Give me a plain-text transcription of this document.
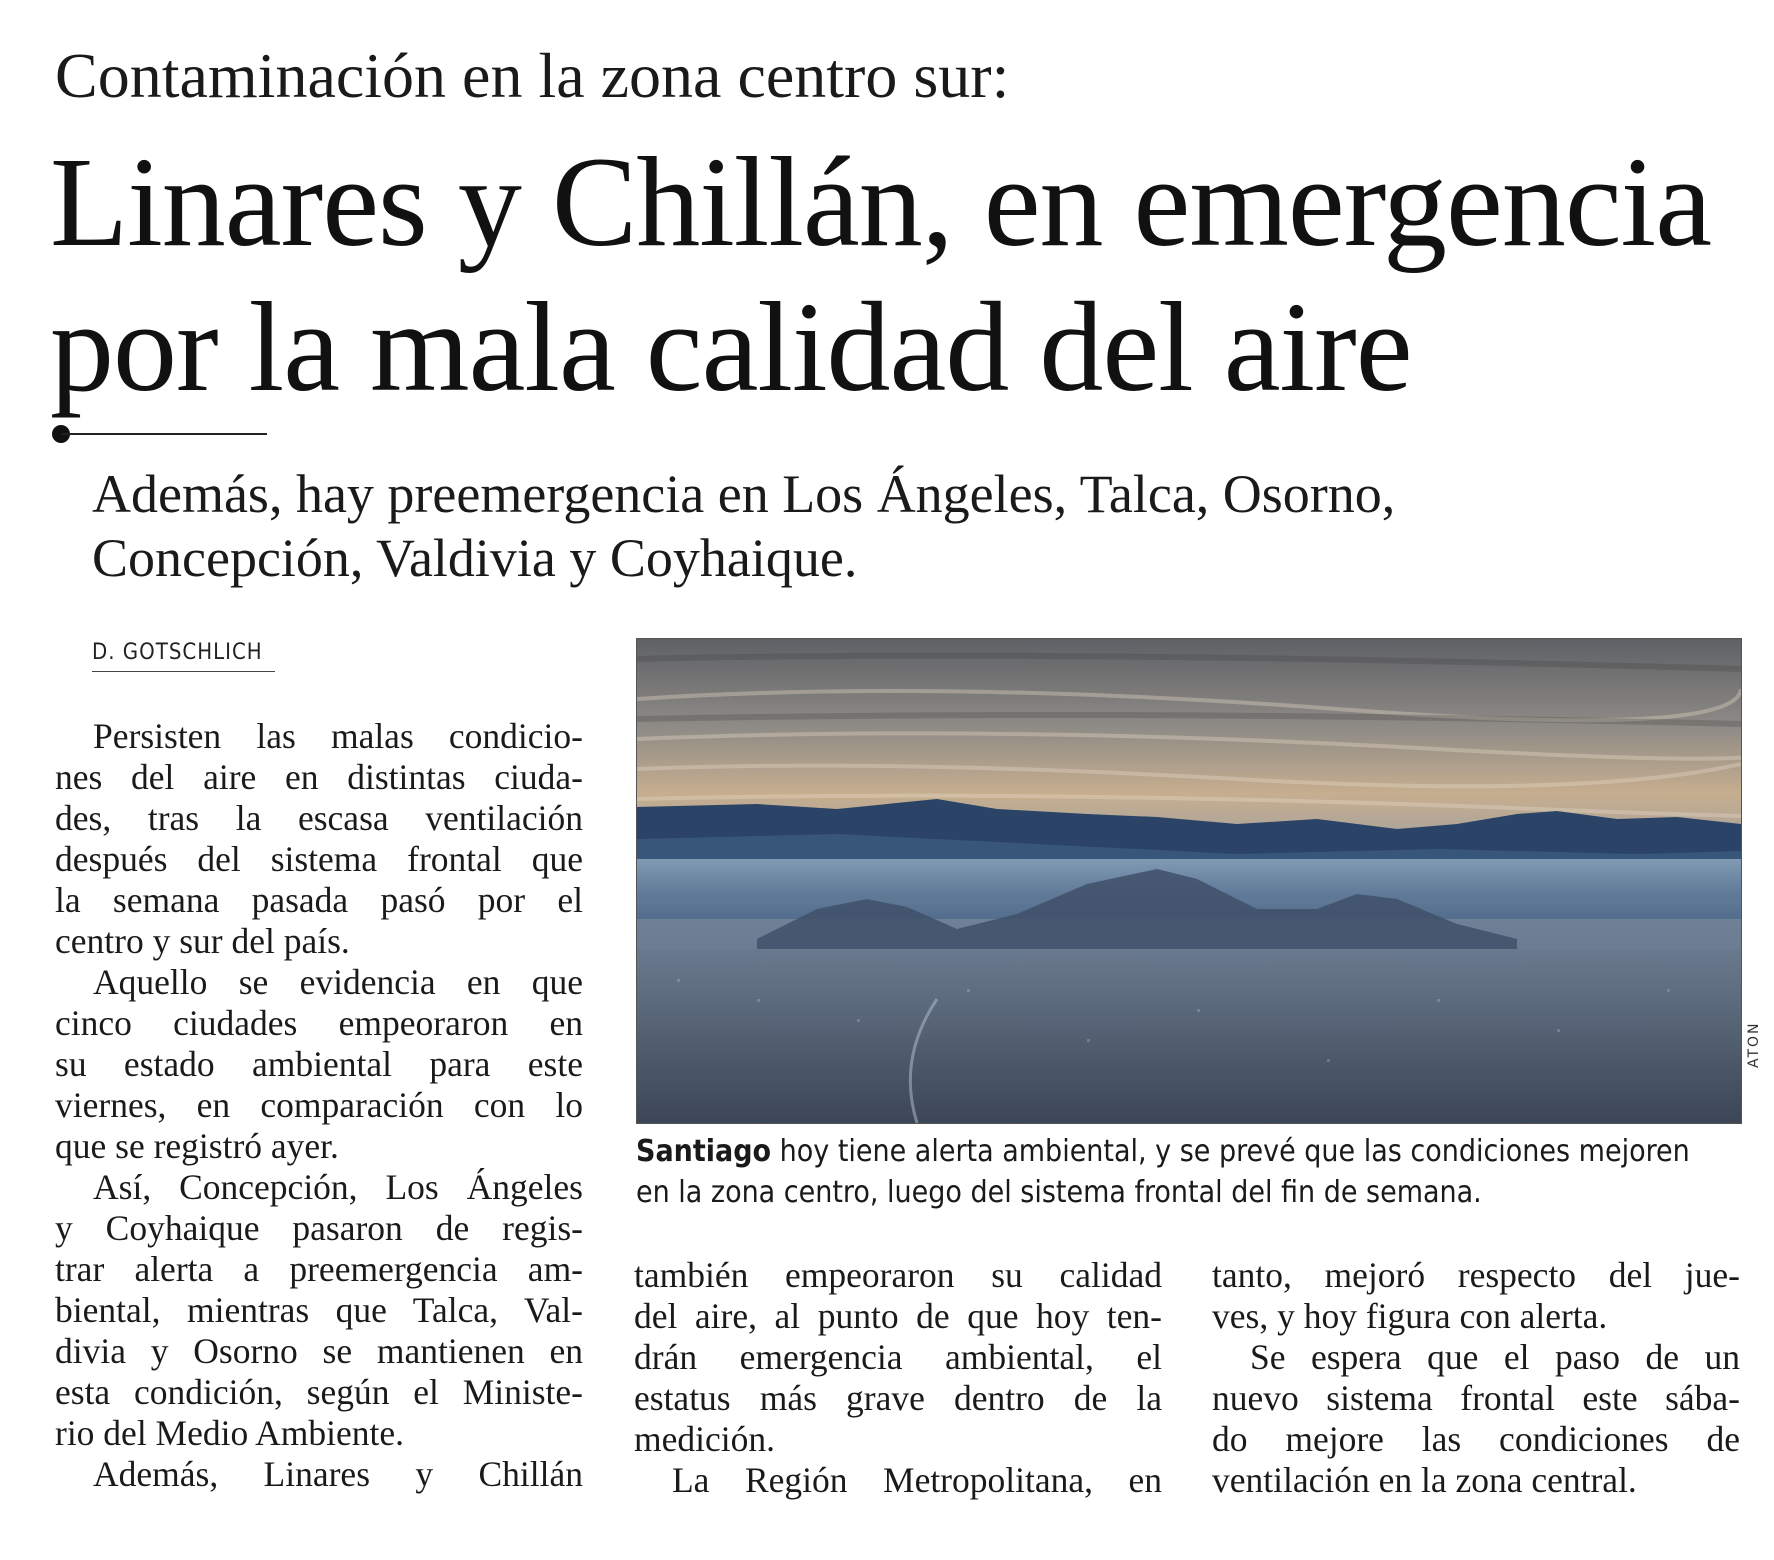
Contaminación en la zona centro sur:
Linares y Chillán, en emergencia
por la mala calidad del aire
Además, hay preemergencia en Los Ángeles, Talca, Osorno,
Concepción, Valdivia y Coyhaique.
D. GOTSCHLICH
Persisten las malas condicio-
nes del aire en distintas ciuda-
des, tras la escasa ventilación
después del sistema frontal que
la semana pasada pasó por el
centro y sur del país.
Aquello se evidencia en que
cinco ciudades empeoraron en
su estado ambiental para este
viernes, en comparación con lo
que se registró ayer.
Así, Concepción, Los Ángeles
y Coyhaique pasaron de regis-
trar alerta a preemergencia am-
biental, mientras que Talca, Val-
divia y Osorno se mantienen en
esta condición, según el Ministe-
rio del Medio Ambiente.
Además, Linares y Chillán
ATON
Santiago hoy tiene alerta ambiental, y se prevé que las condiciones mejoren
en la zona centro, luego del sistema frontal del fin de semana.
también empeoraron su calidad
del aire, al punto de que hoy ten-
drán emergencia ambiental, el
estatus más grave dentro de la
medición.
La Región Metropolitana, en
tanto, mejoró respecto del jue-
ves, y hoy figura con alerta.
Se espera que el paso de un
nuevo sistema frontal este sába-
do mejore las condiciones de
ventilación en la zona central.
